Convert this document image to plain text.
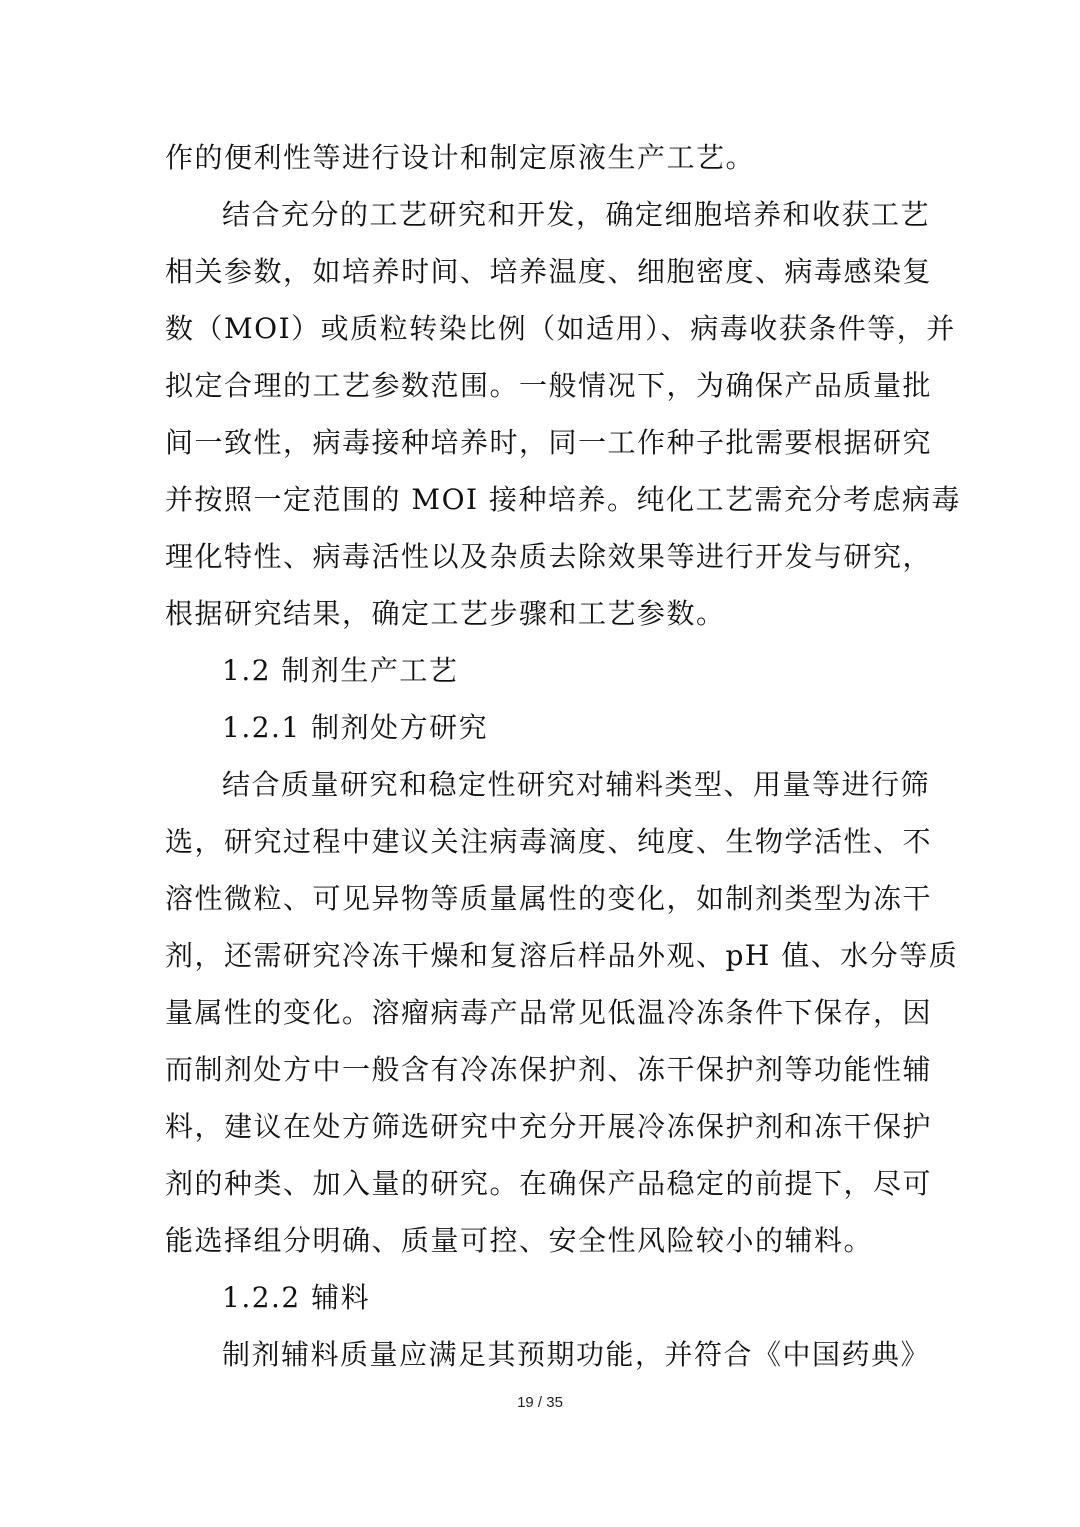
作的便利性等进行设计和制定原液生产工艺。
结合充分的工艺研究和开发，确定细胞培养和收获工艺
相关参数，如培养时间、培养温度、细胞密度、病毒感染复
数（MOI）或质粒转染比例（如适用）、病毒收获条件等，并
拟定合理的工艺参数范围。一般情况下，为确保产品质量批
间一致性，病毒接种培养时，同一工作种子批需要根据研究
并按照一定范围的 MOI 接种培养。纯化工艺需充分考虑病毒
理化特性、病毒活性以及杂质去除效果等进行开发与研究，
根据研究结果，确定工艺步骤和工艺参数。
1.2 制剂生产工艺
1.2.1 制剂处方研究
结合质量研究和稳定性研究对辅料类型、用量等进行筛
选，研究过程中建议关注病毒滴度、纯度、生物学活性、不
溶性微粒、可见异物等质量属性的变化，如制剂类型为冻干
剂，还需研究冷冻干燥和复溶后样品外观、pH 值、水分等质
量属性的变化。溶瘤病毒产品常见低温冷冻条件下保存，因
而制剂处方中一般含有冷冻保护剂、冻干保护剂等功能性辅
料，建议在处方筛选研究中充分开展冷冻保护剂和冻干保护
剂的种类、加入量的研究。在确保产品稳定的前提下，尽可
能选择组分明确、质量可控、安全性风险较小的辅料。
1.2.2 辅料
制剂辅料质量应满足其预期功能，并符合《中国药典》
19 / 35
